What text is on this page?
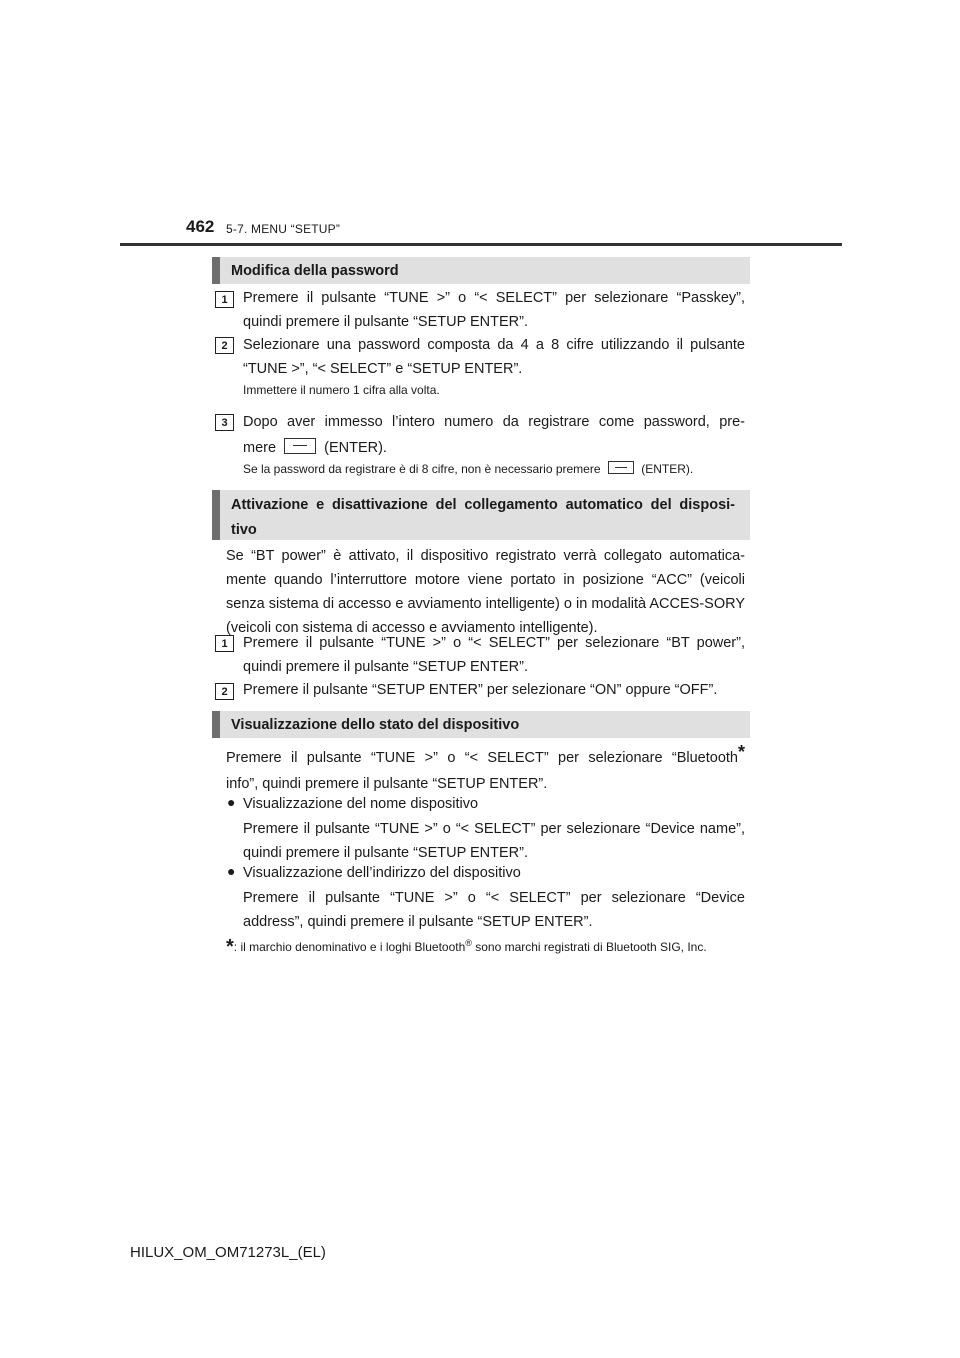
462 5-7. MENU “SETUP”
Modifica della password
1	Premere il pulsante “TUNE >” o “< SELECT” per selezionare “Passkey”, quindi premere il pulsante “SETUP ENTER”.
2	Selezionare una password composta da 4 a 8 cifre utilizzando il pulsante “TUNE >”, “< SELECT” e “SETUP ENTER”.
Immettere il numero 1 cifra alla volta.
3	Dopo aver immesso l’intero numero da registrare come password, pre-
mere	(ENTER).
Se la password da registrare è di 8 cifre, non è necessario premere	(ENTER).
Attivazione e disattivazione del collegamento automatico del disposi-
tivo
Se “BT power” è attivato, il dispositivo registrato verrà collegato automatica-mente quando l’interruttore motore viene portato in posizione “ACC” (veicoli senza sistema di accesso e avviamento intelligente) o in modalità ACCES-SORY (veicoli con sistema di accesso e avviamento intelligente).
1	Premere il pulsante “TUNE >” o “< SELECT” per selezionare “BT power”, quindi premere il pulsante “SETUP ENTER”.
2	Premere il pulsante “SETUP ENTER” per selezionare “ON” oppure “OFF”.
Visualizzazione dello stato del dispositivo
Premere il pulsante “TUNE >” o “< SELECT” per selezionare “Bluetooth*
info”, quindi premere il pulsante “SETUP ENTER”.
● Visualizzazione del nome dispositivo
Premere il pulsante “TUNE >” o “< SELECT” per selezionare “Device name”, quindi premere il pulsante “SETUP ENTER”.
● Visualizzazione dell’indirizzo del dispositivo
Premere il pulsante “TUNE >” o “< SELECT” per selezionare “Device address”, quindi premere il pulsante “SETUP ENTER”.
*: il marchio denominativo e i loghi Bluetooth® sono marchi registrati di Bluetooth SIG, Inc.
HILUX_OM_OM71273L_(EL)
